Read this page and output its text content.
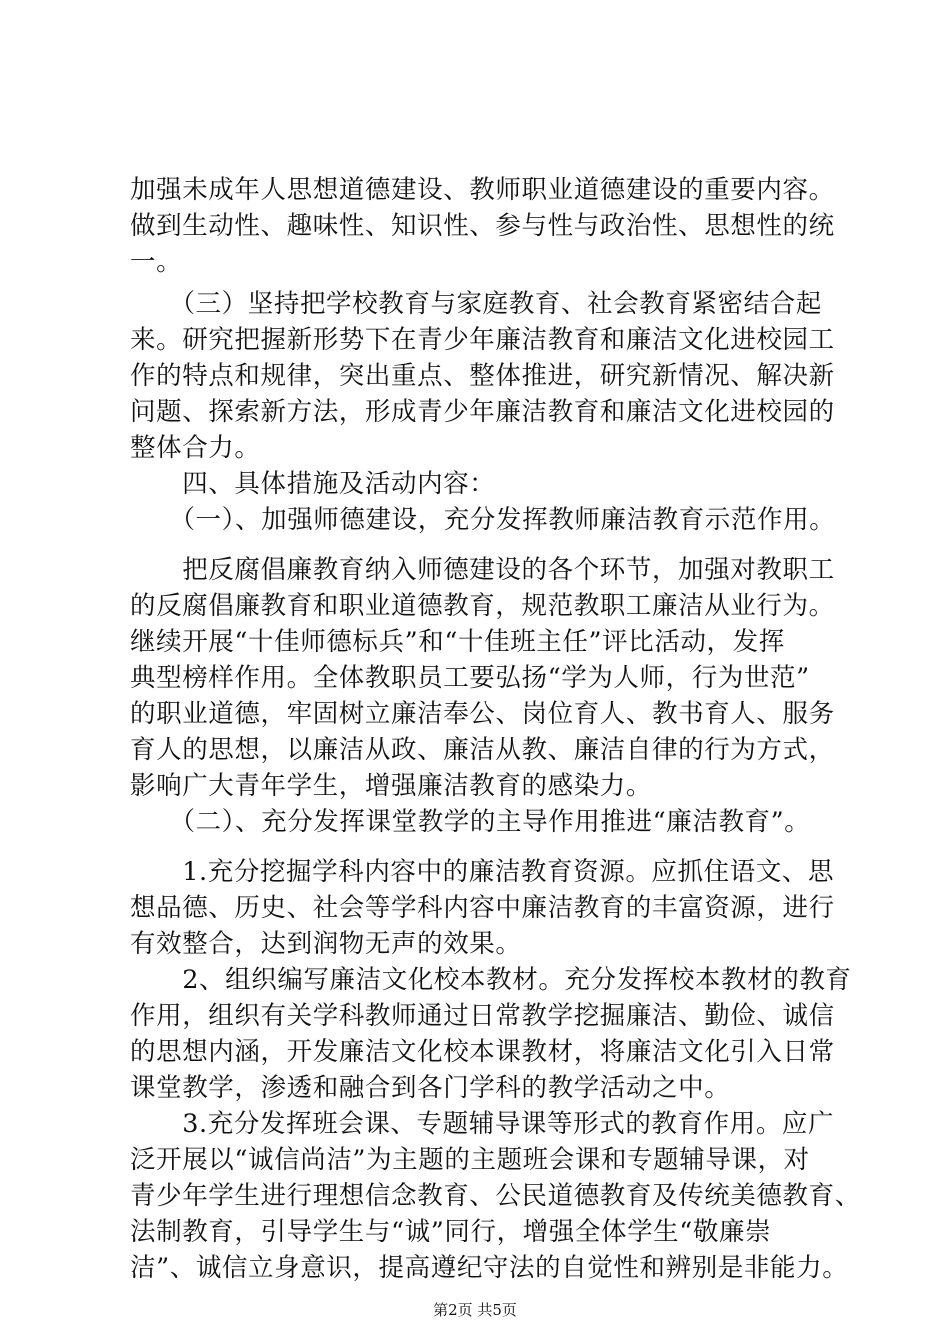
加强未成年人思想道德建设、教师职业道德建设的重要内容。
做到生动性、趣味性、知识性、参与性与政治性、思想性的统
一。
　　（三）坚持把学校教育与家庭教育、社会教育紧密结合起
来。研究把握新形势下在青少年廉洁教育和廉洁文化进校园工
作的特点和规律，突出重点、整体推进，研究新情况、解决新
问题、探索新方法，形成青少年廉洁教育和廉洁文化进校园的
整体合力。
　　四、具体措施及活动内容：
　　（一）、加强师德建设，充分发挥教师廉洁教育示范作用。
　　把反腐倡廉教育纳入师德建设的各个环节，加强对教职工
的反腐倡廉教育和职业道德教育，规范教职工廉洁从业行为。
继续开展“十佳师德标兵”和“十佳班主任”评比活动，发挥
典型榜样作用。全体教职员工要弘扬“学为人师，行为世范”
的职业道德，牢固树立廉洁奉公、岗位育人、教书育人、服务
育人的思想，以廉洁从政、廉洁从教、廉洁自律的行为方式，
影响广大青年学生，增强廉洁教育的感染力。
　　（二）、充分发挥课堂教学的主导作用推进“廉洁教育”。
　　1.充分挖掘学科内容中的廉洁教育资源。应抓住语文、思
想品德、历史、社会等学科内容中廉洁教育的丰富资源，进行
有效整合，达到润物无声的效果。
　　2、组织编写廉洁文化校本教材。充分发挥校本教材的教育
作用，组织有关学科教师通过日常教学挖掘廉洁、勤俭、诚信
的思想内涵，开发廉洁文化校本课教材，将廉洁文化引入日常
课堂教学，渗透和融合到各门学科的教学活动之中。
　　3.充分发挥班会课、专题辅导课等形式的教育作用。应广
泛开展以“诚信尚洁”为主题的主题班会课和专题辅导课，对
青少年学生进行理想信念教育、公民道德教育及传统美德教育、
法制教育，引导学生与“诚”同行，增强全体学生“敬廉崇
洁”、诚信立身意识，提高遵纪守法的自觉性和辨别是非能力。
第2页 共5页
